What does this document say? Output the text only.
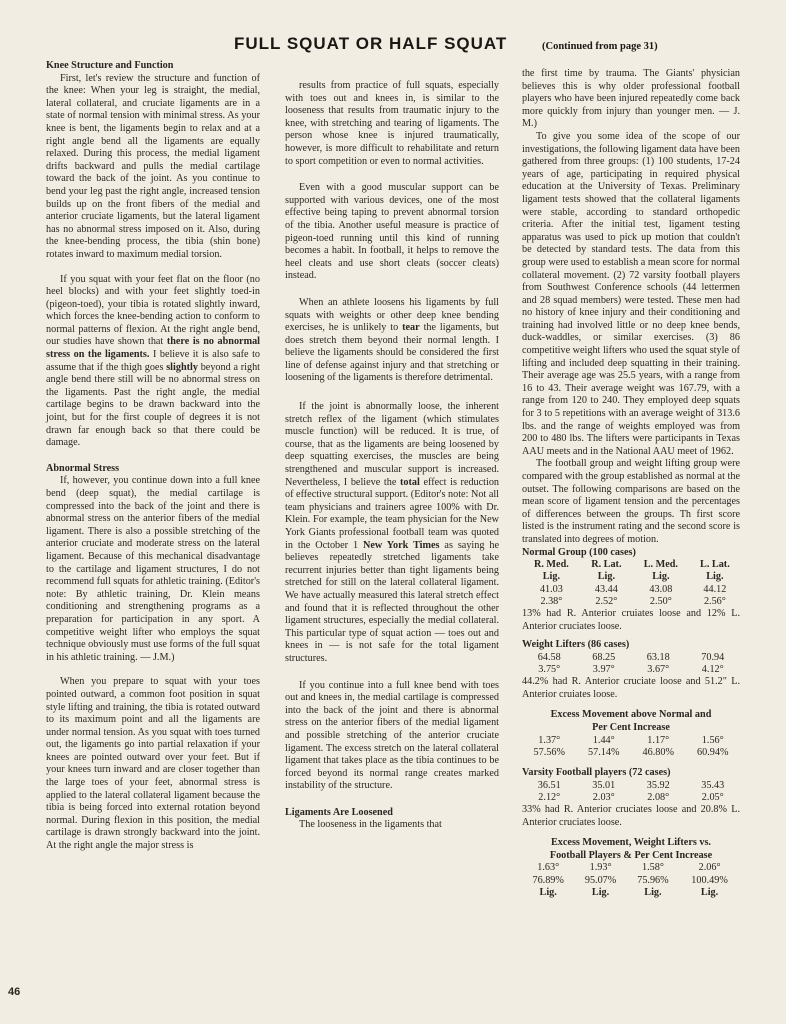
FULL SQUAT OR HALF SQUAT	(Continued from page 31)

Knee Structure and Function

First, let's review the structure and function of the knee: When your leg is straight, the medial, lateral collateral, and cruciate ligaments are in a state of normal tension with minimal stress. As your knee is bent, the ligaments begin to relax and at a right angle bend all the ligaments are equally relaxed. During this process, the medial ligament drifts backward and pulls the medial cartilage toward the back of the joint. As you continue to bend your leg past the right angle, increased tension builds up on the front fibers of the medial and anterior cruciate ligaments, but the lateral ligament has no abnormal stress imposed on it. Also, during the knee-bending process, the tibia (shin bone) rotates inward to maximum medial torsion.

If you squat with your feet flat on the floor (no heel blocks) and with your feet slightly toed-in (pigeon-toed), your tibia is rotated slightly inward, which forces the knee-bending action to conform to normal patterns of flexion. At the right angle bend, our studies have shown that there is no abnormal stress on the ligaments. I believe it is also safe to assume that if the thigh goes slightly beyond a right angle bend there still will be no abnormal stress on the ligaments. Past the right angle, the medial cartilage begins to be drawn backward into the joint, but for the first couple of degrees it is not drawn far enough back so that there could be damage.

Abnormal Stress

If, however, you continue down into a full knee bend (deep squat), the medial cartilage is compressed into the back of the joint and there is abnormal stress on the anterior fibers of the medial ligament. There is also a possible stretching of the anterior cruciate and moderate stress on the lateral ligament. Because of this mechanical disadvantage to the cartilage and ligament structures, I do not recommend full squats for athletic training. (Editor's note: By athletic training, Dr. Klein means conditioning and strengthening programs as a preparation for participation in any sport. A competitive weight lifter who employs the squat technique obviously must use forms of the full squat in his athletic training. — J.M.)

When you prepare to squat with your toes pointed outward, a common foot position in squat style lifting and training, the tibia is rotated outward to its maximum point and all the ligaments are under normal tension. As you squat with toes turned out, the ligaments go into partial relaxation if your knees are pointed outward over your feet. But if your knees turn inward and are closer together than the large toes of your feet, abnormal stress is applied to the lateral collateral ligament because the tibia is being forced into external rotation beyond normal. During flexion in this position, the medial cartilage is drawn strongly backward into the joint. At the right angle the major stress is

results from practice of full squats, especially with toes out and knees in, is similar to the looseness that results from traumatic injury to the knee, with stretching and tearing of ligaments. The person whose knee is injured traumatically, however, is more difficult to rehabilitate and return to sport competition or even to normal activities.

Even with a good muscular support can be supported with various devices, one of the most effective being taping to prevent abnormal torsion of the tibia. Another useful measure is practice of pigeon-toed running until this kind of running becomes a habit. In football, it helps to remove the heel cleats and use short cleats (soccer cleats) instead.

When an athlete loosens his ligaments by full squats with weights or other deep knee bending exercises, he is unlikely to tear the ligaments, but does stretch them beyond their normal length. I believe the ligaments should be considered the first line of defense against injury and that stretching or loosening of the ligaments is therefore detrimental.

If the joint is abnormally loose, the inherent stretch reflex of the ligament (which stimulates muscle function) will be reduced. It is true, of course, that as the ligaments are being loosened by deep squatting exercises, the muscles are being strengthened and muscular support is increased. Nevertheless, I believe the total effect is reduction of effective structural support. (Editor's note: Not all team physicians and trainers agree 100% with Dr. Klein. For example, the team physician for the New York Giants professional football team was quoted in the October 1 New York Times as saying he believes repeatedly stretched ligaments take recurrent injuries better than tight ligaments being stretched for still on the lateral collateral ligament. We have actually measured this lateral stretch effect and found that it is reflected throughout the other ligament structures, especially the medial collateral. This particular type of squat action — toes out and knees in — is not safe for the total ligament structures.

If you continue into a full knee bend with toes out and knees in, the medial cartilage is compressed into the back of the joint and there is abnormal stress on the anterior fibers of the medial ligament and possible stretching of the anterior cruciate ligament. The excess stretch on the lateral collateral ligament that takes place as the tibia continues to be forced beyond its normal range creates marked instability of the structure.

Ligaments Are Loosened

The looseness in the ligaments that

the first time by trauma. The Giants' physician believes this is why older professional football players who have been injured repeatedly come back more quickly from injury than younger men. — J. M.)

To give you some idea of the scope of our investigations, the following ligament data have been gathered from three groups: (1) 100 students, 17-24 years of age, participating in required physical education at the University of Texas. Preliminary ligament tests showed that the collateral ligaments were stable, according to standard orthopedic criteria. After the initial test, ligament testing apparatus was used to pick up motion that couldn't be detected by standard tests. The data from this group were used to establish a mean score for normal collateral movement. (2) 72 varsity football players from Southwest Conference schools (44 lettermen and 28 squad members) were tested. These men had no history of knee injury and their conditioning and training had involved little or no deep knee bends, duck-waddles, or similar exercises. (3) 86 competitive weight lifters who used the squat style of lifting and included deep squatting in their training. Their average age was 25.5 years, with a range from 16 to 43. Their average weight was 167.79, with a range from 120 to 240. They employed deep squats for 3 to 5 repetitions with an average weight of 313.6 lbs. and the range of weights employed was from 200 to 480 lbs. The lifters were participants in Texas AAU meets and in the National AAU meet of 1962.

The football group and weight lifting group were compared with the group established as normal at the outset. The following comparisons are based on the mean score of ligament tension and the percentages of differences between the groups. Th first score listed is the instrument rating and the second score is translated into degrees of motion.

Normal Group (100 cases)

R. Med.	R. Lat.	L. Med.	L. Lat.
Lig.	Lig.	Lig.	Lig.
41.03	43.44	43.08	44.12
2.38°	2.52°	2.50°	2.56°

13% had R. Anterior cruiates loose and 12% L. Anterior cruciates loose.

Weight Lifters (86 cases)

64.58	68.25	63.18	70.94
3.75°	3.97°	3.67°	4.12°

44.2% had R. Anterior cruciate loose and 51.2" L. Anterior cruiates loose.

Excess Movement above Normal and

Per Cent Increase

1.37°	1.44°	1.17°	1.56°
57.56%	57.14%	46.80%	60.94%

Varsity Football players (72 cases)

36.51	35.01	35.92	35.43
2.12°	2.03°	2.08°	2.05°

33% had R. Anterior cruciates loose and 20.8% L. Anterior cruciates loose.

Excess Movement, Weight Lifters vs.

Football Players & Per Cent Increase

1.63°	1.93°	1.58°	2.06°
76.89%	95.07%	75.96%	100.49%
Lig.	Lig.	Lig.	Lig.
46
